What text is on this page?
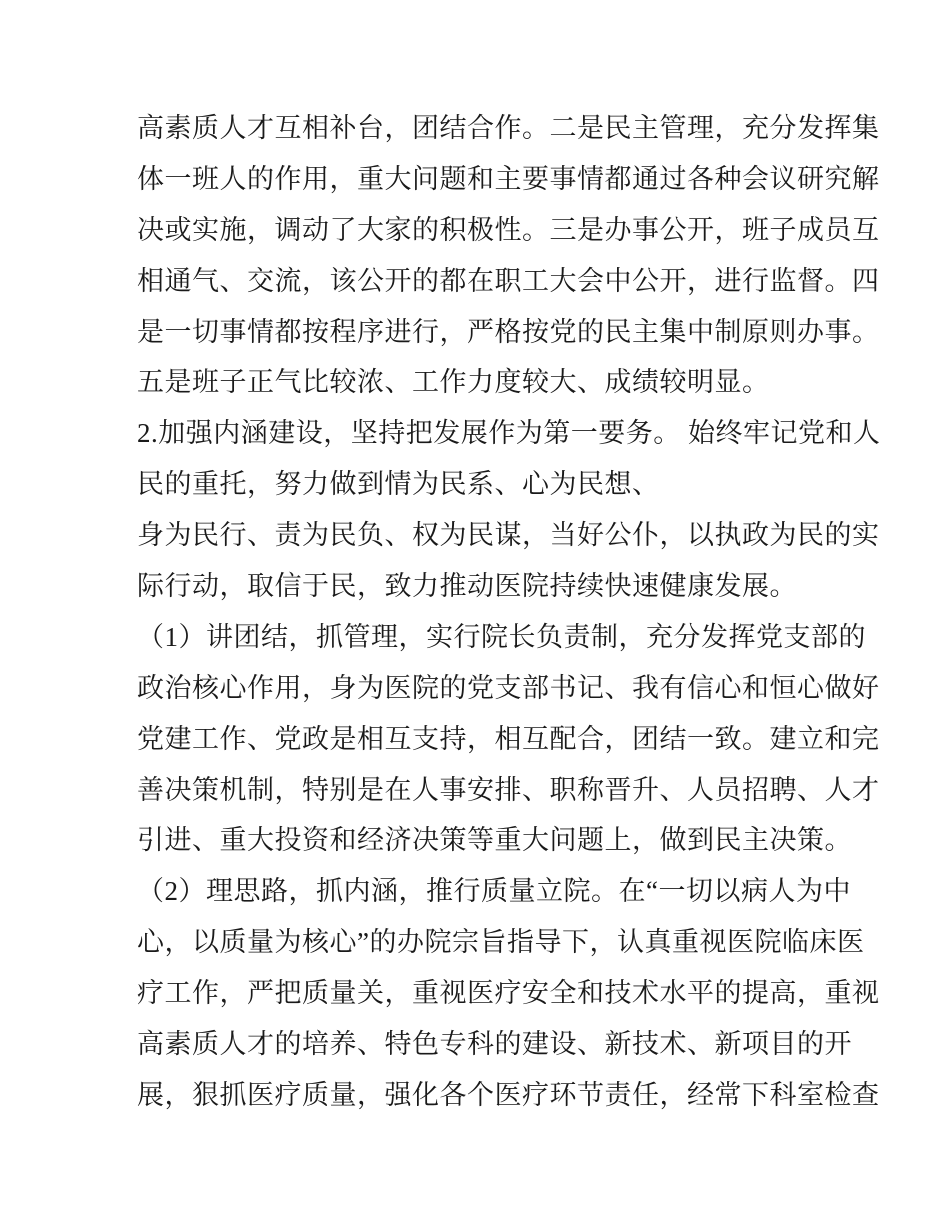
高素质人才互相补台，团结合作。二是民主管理，充分发挥集
体一班人的作用，重大问题和主要事情都通过各种会议研究解
决或实施，调动了大家的积极性。三是办事公开，班子成员互
相通气、交流，该公开的都在职工大会中公开，进行监督。四
是一切事情都按程序进行，严格按党的民主集中制原则办事。
五是班子正气比较浓、工作力度较大、成绩较明显。
2.加强内涵建设，坚持把发展作为第一要务。 始终牢记党和人
民的重托，努力做到情为民系、心为民想、
身为民行、责为民负、权为民谋，当好公仆，以执政为民的实
际行动，取信于民，致力推动医院持续快速健康发展。
（1）讲团结，抓管理，实行院长负责制，充分发挥党支部的
政治核心作用，身为医院的党支部书记、我有信心和恒心做好
党建工作、党政是相互支持，相互配合，团结一致。建立和完
善决策机制，特别是在人事安排、职称晋升、人员招聘、人才
引进、重大投资和经济决策等重大问题上，做到民主决策。
（2）理思路，抓内涵，推行质量立院。在“一切以病人为中
心，以质量为核心”的办院宗旨指导下，认真重视医院临床医
疗工作，严把质量关，重视医疗安全和技术水平的提高，重视
高素质人才的培养、特色专科的建设、新技术、新项目的开
展，狠抓医疗质量，强化各个医疗环节责任，经常下科室检查
